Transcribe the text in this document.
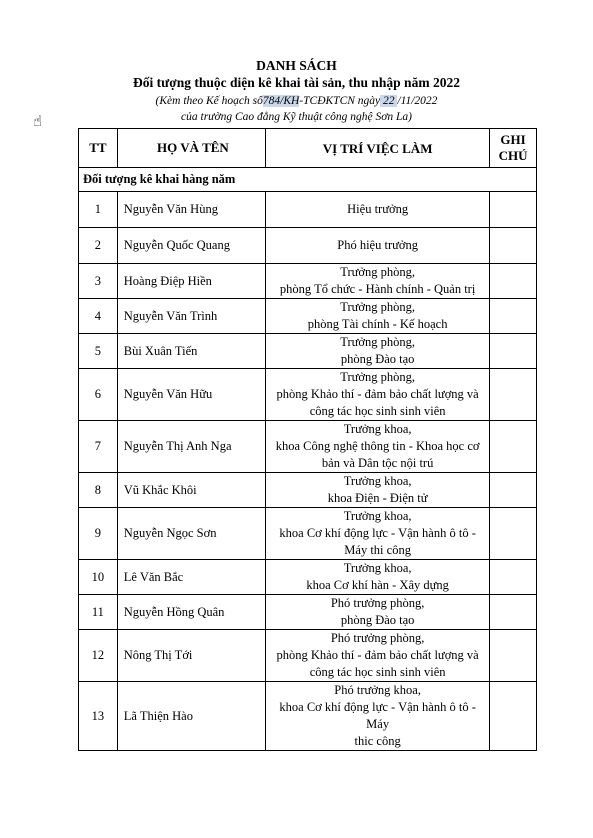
DANH SÁCH
Đối tượng thuộc diện kê khai tài sản, thu nhập năm 2022
(Kèm theo Kế hoạch số784/KH-TCĐKTCN ngày 22 /11/2022
của trường Cao đẳng Kỹ thuật công nghệ Sơn La)
☝
TT	HỌ VÀ TÊN	VỊ TRÍ VIỆC LÀM	GHI
CHÚ
Đối tượng kê khai hàng năm			
1	Nguyễn Văn Hùng	Hiệu trưởng	

2	Nguyễn Quốc Quang	Phó hiệu trưởng	

3	Hoàng Điệp Hiền	Trưởng phòng,
phòng Tổ chức - Hành chính - Quản trị	

4	Nguyễn Văn Trình	Trưởng phòng,
phòng Tài chính - Kế hoạch	

5	Bùi Xuân Tiến	Trưởng phòng,
phòng Đào tạo	

6	Nguyễn Văn Hữu	Trưởng phòng,
phòng Khảo thí - đảm bảo chất lượng và
công tác học sinh sinh viên	

7	Nguyễn Thị Anh Nga	Trưởng khoa,
khoa Công nghệ thông tin - Khoa học cơ
bản và Dân tộc nội trú	

8	Vũ Khắc Khôi	Trưởng khoa,
khoa Điện - Điện tử	

9	Nguyễn Ngọc Sơn	Trưởng khoa,
khoa Cơ khí động lực - Vận hành ô tô -
Máy thi công	

10	Lê Văn Bắc	Trưởng khoa,
khoa Cơ khí hàn - Xây dựng	

11	Nguyễn Hồng Quân	Phó trưởng phòng,
phòng Đào tạo	

12	Nông Thị Tới	Phó trưởng phòng,
phòng Khảo thí - đảm bảo chất lượng và
công tác học sinh sinh viên	

13	Lã Thiện Hào	Phó trưởng khoa,
khoa Cơ khí động lực - Vận hành ô tô - Máy
thic công	
